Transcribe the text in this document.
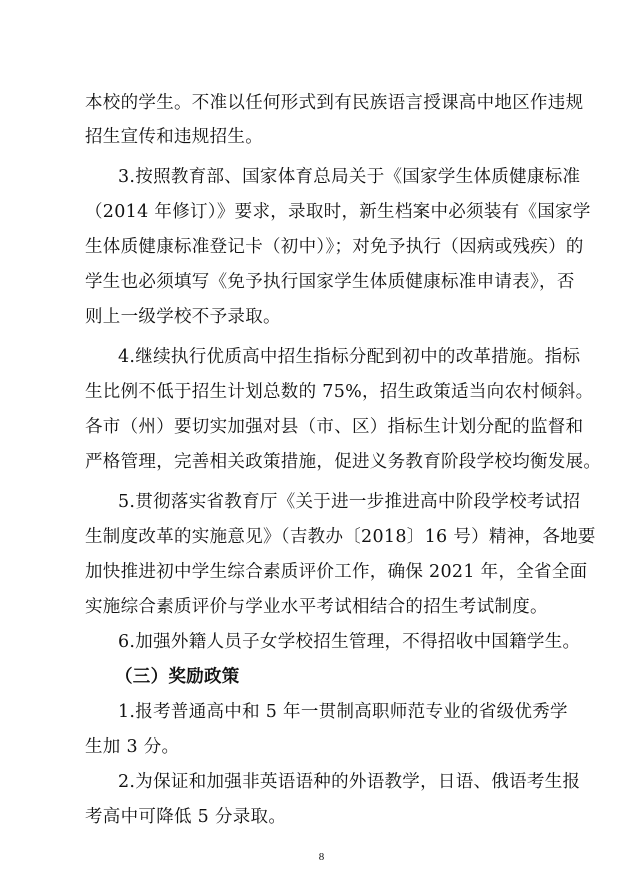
本校的学生。不准以任何形式到有民族语言授课高中地区作违规
招生宣传和违规招生。
3.按照教育部、国家体育总局关于《国家学生体质健康标准
（2014 年修订）》要求，录取时，新生档案中必须装有《国家学
生体质健康标准登记卡（初中）》；对免予执行（因病或残疾）的
学生也必须填写《免予执行国家学生体质健康标准申请表》，否
则上一级学校不予录取。
4.继续执行优质高中招生指标分配到初中的改革措施。指标
生比例不低于招生计划总数的 75%，招生政策适当向农村倾斜。
各市（州）要切实加强对县（市、区）指标生计划分配的监督和
严格管理，完善相关政策措施，促进义务教育阶段学校均衡发展。
5.贯彻落实省教育厅《关于进一步推进高中阶段学校考试招
生制度改革的实施意见》（吉教办〔2018〕16 号）精神，各地要
加快推进初中学生综合素质评价工作，确保 2021 年，全省全面
实施综合素质评价与学业水平考试相结合的招生考试制度。
6.加强外籍人员子女学校招生管理，不得招收中国籍学生。
（三）奖励政策
1.报考普通高中和 5 年一贯制高职师范专业的省级优秀学
生加 3 分。
2.为保证和加强非英语语种的外语教学，日语、俄语考生报
考高中可降低 5 分录取。
8
